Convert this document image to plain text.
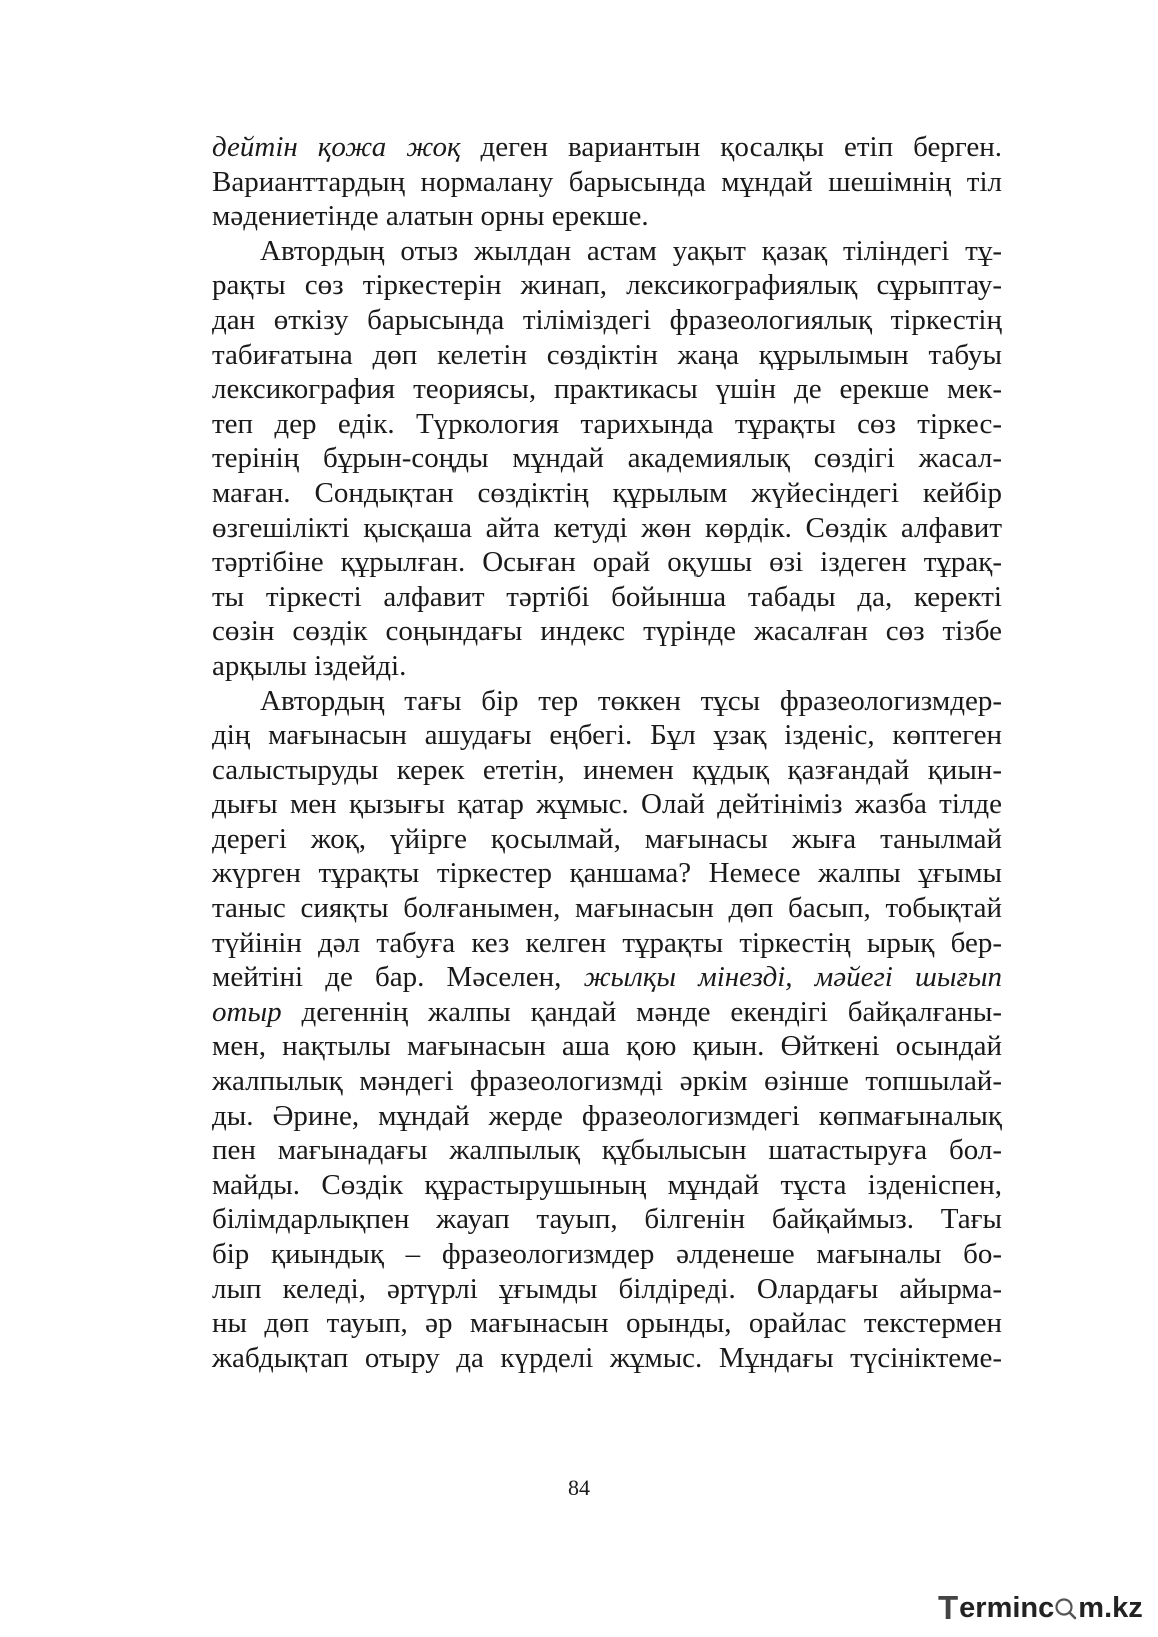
дейтін қожа жоқ деген вариантын қосалқы етіп берген.
Варианттардың нормалану барысында мұндай шешімнің тіл
мәдениетінде алатын орны ерекше.
Автордың отыз жылдан астам уақыт қазақ тіліндегі тұ-
рақты сөз тіркестерін жинап, лексикографиялық сұрыптау-
дан өткізу барысында тіліміздегі фразеологиялық тіркестің
табиғатына дөп келетін сөздіктін жаңа құрылымын табуы
лексикография теориясы, практикасы үшін де ерекше мек-
теп дер едік. Түркология тарихында тұрақты сөз тіркес-
терінің бұрын-соңды мұндай академиялық сөздігі жасал-
маған. Сондықтан сөздіктің құрылым жүйесіндегі кейбір
өзгешілікті қысқаша айта кетуді жөн көрдік. Сөздік алфавит
тәртібіне құрылған. Осыған орай оқушы өзі іздеген тұрақ-
ты тіркесті алфавит тәртібі бойынша табады да, керекті
сөзін сөздік соңындағы индекс түрінде жасалған сөз тізбе
арқылы іздейді.
Автордың тағы бір тер төккен тұсы фразеологизмдер-
дің мағынасын ашудағы еңбегі. Бұл ұзақ ізденіс, көптеген
салыстыруды керек ететін, инемен құдық қазғандай қиын-
дығы мен қызығы қатар жұмыс. Олай дейтініміз жазба тілде
дерегі жоқ, үйірге қосылмай, мағынасы жыға танылмай
жүрген тұрақты тіркестер қаншама? Немесе жалпы ұғымы
таныс сияқты болғанымен, мағынасын дөп басып, тобықтай
түйінін дәл табуға кез келген тұрақты тіркестің ырық бер-
мейтіні де бар. Мәселен, жылқы мінезді, мәйегі шығып
отыр дегеннің жалпы қандай мәнде екендігі байқалғаны-
мен, нақтылы мағынасын аша қою қиын. Өйткені осындай
жалпылық мәндегі фразеологизмді әркім өзінше топшылай-
ды. Әрине, мұндай жерде фразеологизмдегі көпмағыналық
пен мағынадағы жалпылық құбылысын шатастыруға бол-
майды. Сөздік құрастырушының мұндай тұста ізденіспен,
білімдарлықпен жауап тауып, білгенін байқаймыз. Тағы
бір қиындық – фразеологизмдер әлденеше мағыналы бо-
лып келеді, әртүрлі ұғымды білдіреді. Олардағы айырма-
ны дөп тауып, әр мағынасын орынды, орайлас текстермен
жабдықтап отыру да күрделі жұмыс. Мұндағы түсініктеме-
84
T erminc m.kz
